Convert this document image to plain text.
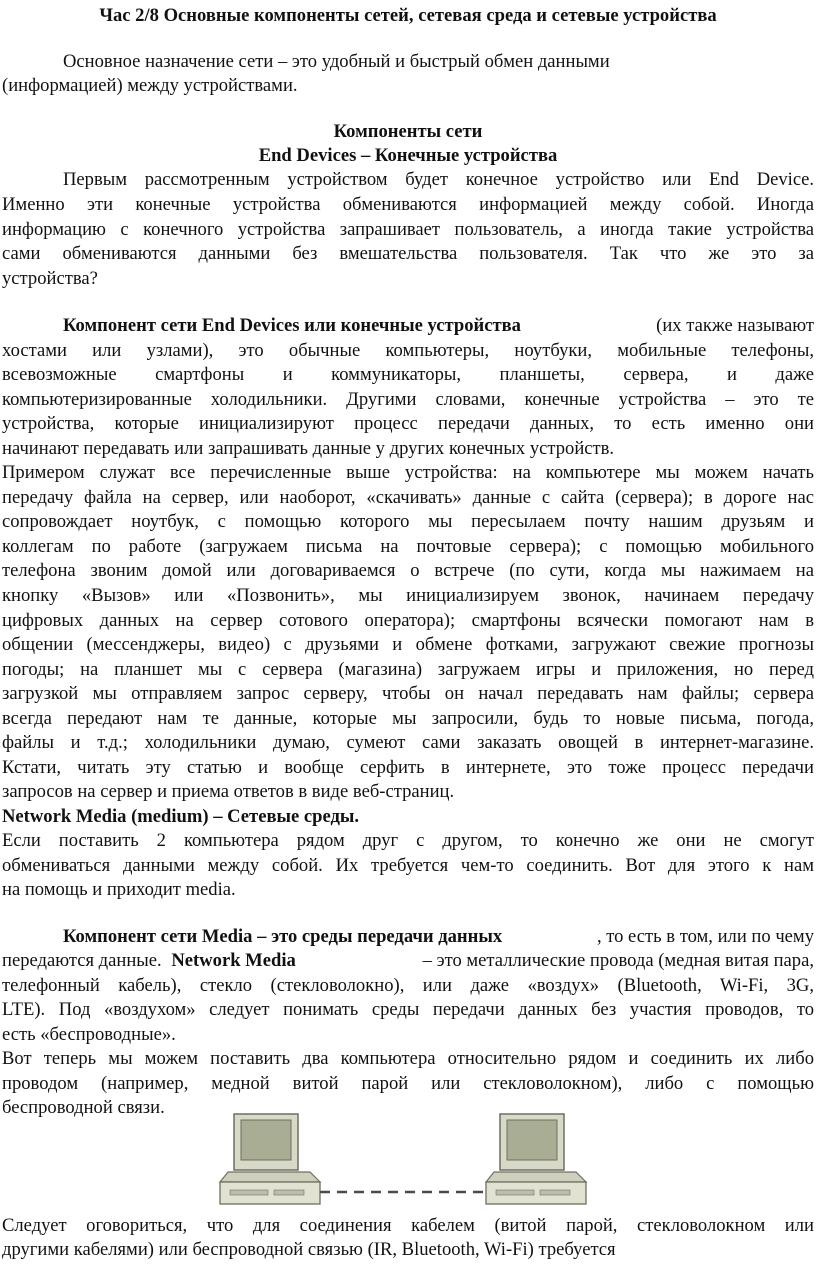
Час 2/8 Основные компоненты сетей, сетевая среда и сетевые устройства
Основное назначение сети – это удобный и быстрый обмен данными
(информацией) между устройствами.
Компоненты сети
End Devices – Конечные устройства
Первым рассмотренным устройством будет конечное устройство или End Device.
Именно эти конечные устройства обмениваются информацией между собой. Иногда
информацию с конечного устройства запрашивает пользователь, а иногда такие устройства
сами обмениваются данными без вмешательства пользователя. Так что же это за
устройства?
Компонент сети End Devices или конечные устройства	(их также называют
хостами или узлами), это обычные компьютеры, ноутбуки, мобильные телефоны,
всевозможные смартфоны и коммуникаторы, планшеты, сервера, и даже
компьютеризированные холодильники. Другими словами, конечные устройства – это те
устройства, которые инициализируют процесс передачи данных, то есть именно они
начинают передавать или запрашивать данные у других конечных устройств.
Примером служат все перечисленные выше устройства: на компьютере мы можем начать
передачу файла на сервер, или наоборот, «скачивать» данные с сайта (сервера); в дороге нас
сопровождает ноутбук, с помощью которого мы пересылаем почту нашим друзьям и
коллегам по работе (загружаем письма на почтовые сервера); с помощью мобильного
телефона звоним домой или договариваемся о встрече (по сути, когда мы нажимаем на
кнопку «Вызов» или «Позвонить», мы инициализируем звонок, начинаем передачу
цифровых данных на сервер сотового оператора); смартфоны всячески помогают нам в
общении (мессенджеры, видео) с друзьями и обмене фотками, загружают свежие прогнозы
погоды; на планшет мы с сервера (магазина) загружаем игры и приложения, но перед
загрузкой мы отправляем запрос серверу, чтобы он начал передавать нам файлы; сервера
всегда передают нам те данные, которые мы запросили, будь то новые письма, погода,
файлы и т.д.; холодильники думаю, сумеют сами заказать овощей в интернет-магазине.
Кстати, читать эту статью и вообще серфить в интернете, это тоже процесс передачи
запросов на сервер и приема ответов в виде веб-страниц.
Network Media (medium) – Сетевые среды.
Если поставить 2 компьютера рядом друг с другом, то конечно же они не смогут
обмениваться данными между собой. Их требуется чем-то соединить. Вот для этого к нам
на помощь и приходит media.
Компонент сети Media – это среды передачи данных	, то есть в том, или по чему
передаются данные. Network Media	– это металлические провода (медная витая пара,
телефонный кабель), стекло (стекловолокно), или даже «воздух» (Bluetooth, Wi-Fi, 3G,
LTE). Под «воздухом» следует понимать среды передачи данных без участия проводов, то
есть «беспроводные».
Вот теперь мы можем поставить два компьютера относительно рядом и соединить их либо
проводом (например, медной витой парой или стекловолокном), либо с помощью
беспроводной связи.
Следует оговориться, что для соединения кабелем (витой парой, стекловолокном или
другими кабелями) или беспроводной связью (IR, Bluetooth, Wi-Fi) требуется
